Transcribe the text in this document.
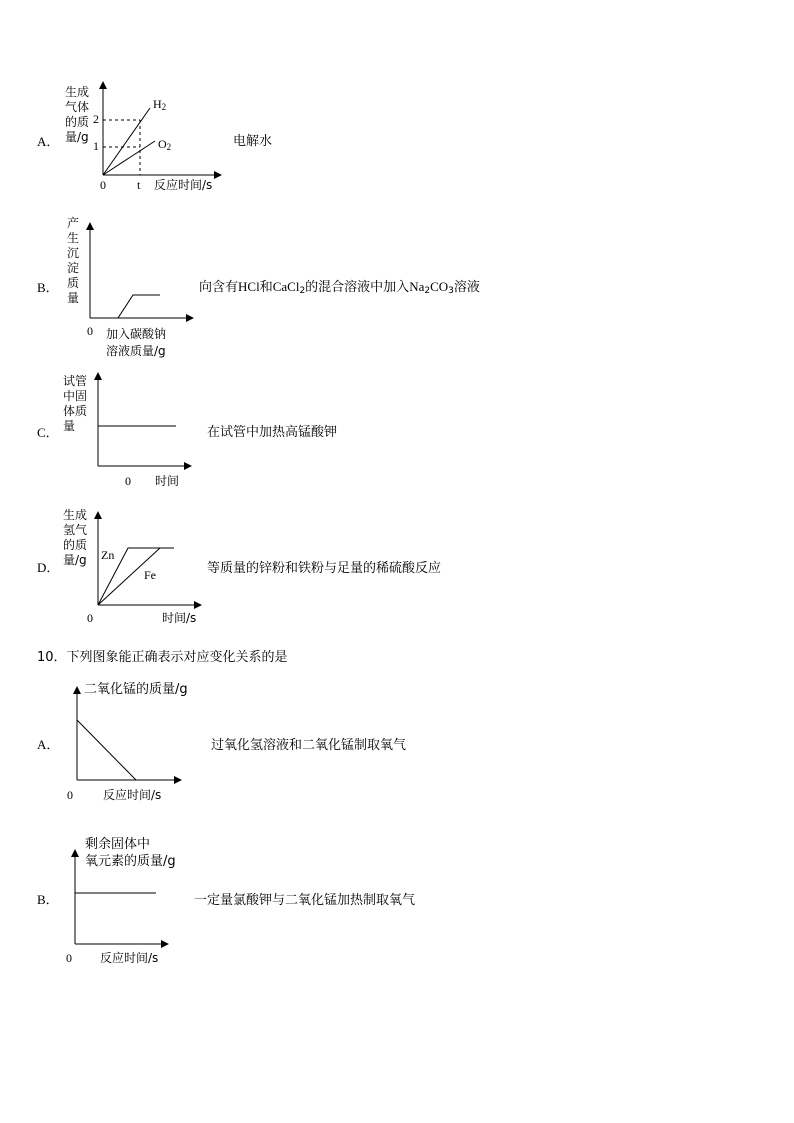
A．
生成
气体
的质
量/g
2
1
0	t 反应时间/s
$H_2$
$O_2$	电解水
B．
产
生
沉
淀
质
量
0 加入碳酸钠
溶液质量/g
向含有HCl和CaCl$_2$的混合溶液中加入$Na_2CO_3$溶液
C．
试管
中固
体质
量
0 时间
在试管中加热高锰酸钾
D．
生成
氢气
的质
量/g Zn
Fe
0	时间/s
等质量的锌粉和铁粉与足量的稀硫酸反应
10．下列图象能正确表示对应变化关系的是
A．
二氧化锰的质量/g
0	反应时间/s
过氧化氢溶液和二氧化锰制取氧气
B．
剩余固体中
氧元素的质量/g
0 反应时间/s
一定量氯酸钾与二氧化锰加热制取氧气
